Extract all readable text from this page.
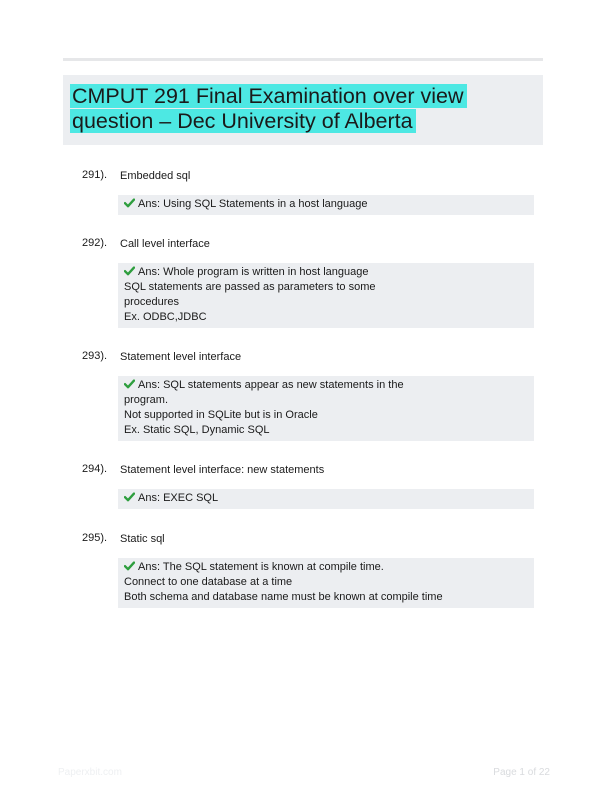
CMPUT 291 Final Examination over view
question – Dec University of Alberta
291). Embedded sql
Ans: Using SQL Statements in a host language
292). Call level interface
Ans: Whole program is written in host language
SQL statements are passed as parameters to some
procedures
Ex. ODBC,JDBC
293). Statement level interface
Ans: SQL statements appear as new statements in the
program.
Not supported in SQLite but is in Oracle
Ex. Static SQL, Dynamic SQL
294). Statement level interface: new statements
Ans: EXEC SQL
295). Static sql
Ans: The SQL statement is known at compile time.
Connect to one database at a time
Both schema and database name must be known at compile time
Paperxbit.com	Page 1 of 22
